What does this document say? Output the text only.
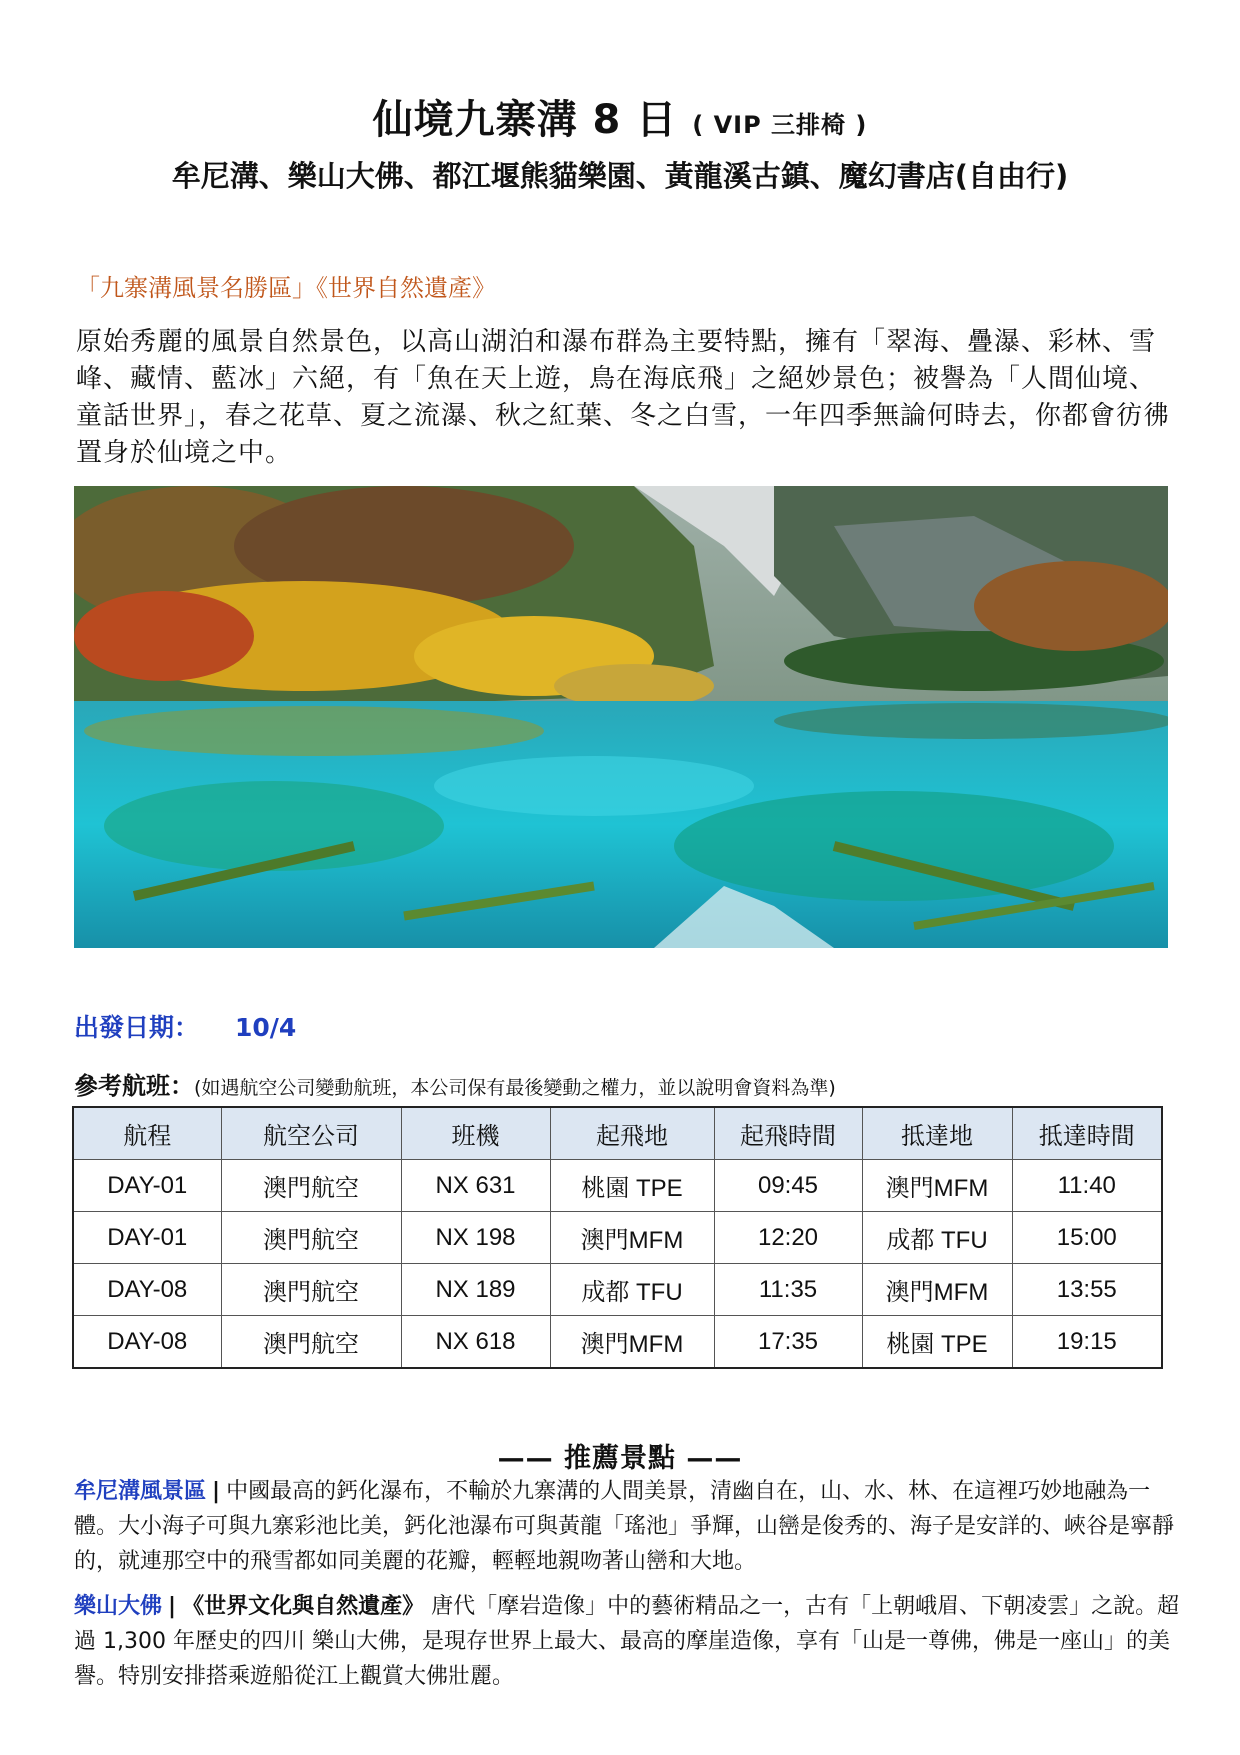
仙境九寨溝 8 日 ( VIP 三排椅 )
牟尼溝、樂山大佛、都江堰熊貓樂園、黃龍溪古鎮、魔幻書店(自由行)
「九寨溝風景名勝區」《世界自然遺產》
原始秀麗的風景自然景色，以高山湖泊和瀑布群為主要特點，擁有「翠海、疊瀑、彩林、雪峰、藏情、藍冰」六絕，有「魚在天上遊，鳥在海底飛」之絕妙景色；被譽為「人間仙境、童話世界」，春之花草、夏之流瀑、秋之紅葉、冬之白雪，一年四季無論何時去，你都會彷彿置身於仙境之中。
出發日期： 10/4
參考航班：(如遇航空公司變動航班，本公司保有最後變動之權力，並以說明會資料為準)
航程	航空公司	班機	起飛地	起飛時間	抵達地	抵達時間
DAY-01	澳門航空	NX 631	桃園 TPE	09:45	澳門MFM	11:40
DAY-01	澳門航空	NX 198	澳門MFM	12:20	成都 TFU	15:00
DAY-08	澳門航空	NX 189	成都 TFU	11:35	澳門MFM	13:55
DAY-08	澳門航空	NX 618	澳門MFM	17:35	桃園 TPE	19:15
—— 推薦景點 ——
牟尼溝風景區 | 中國最高的鈣化瀑布，不輸於九寨溝的人間美景，清幽自在，山、水、林、在這裡巧妙地融為一體。大小海子可與九寨彩池比美，鈣化池瀑布可與黃龍「瑤池」爭輝，山巒是俊秀的、海子是安詳的、峽谷是寧靜的，就連那空中的飛雪都如同美麗的花瓣，輕輕地親吻著山巒和大地。
樂山大佛 | 《世界文化與自然遺產》 唐代「摩岩造像」中的藝術精品之一，古有「上朝峨眉、下朝凌雲」之說。超過 1,300 年歷史的四川 樂山大佛，是現存世界上最大、最高的摩崖造像，享有「山是一尊佛，佛是一座山」的美譽。特別安排搭乘遊船從江上觀賞大佛壯麗。
